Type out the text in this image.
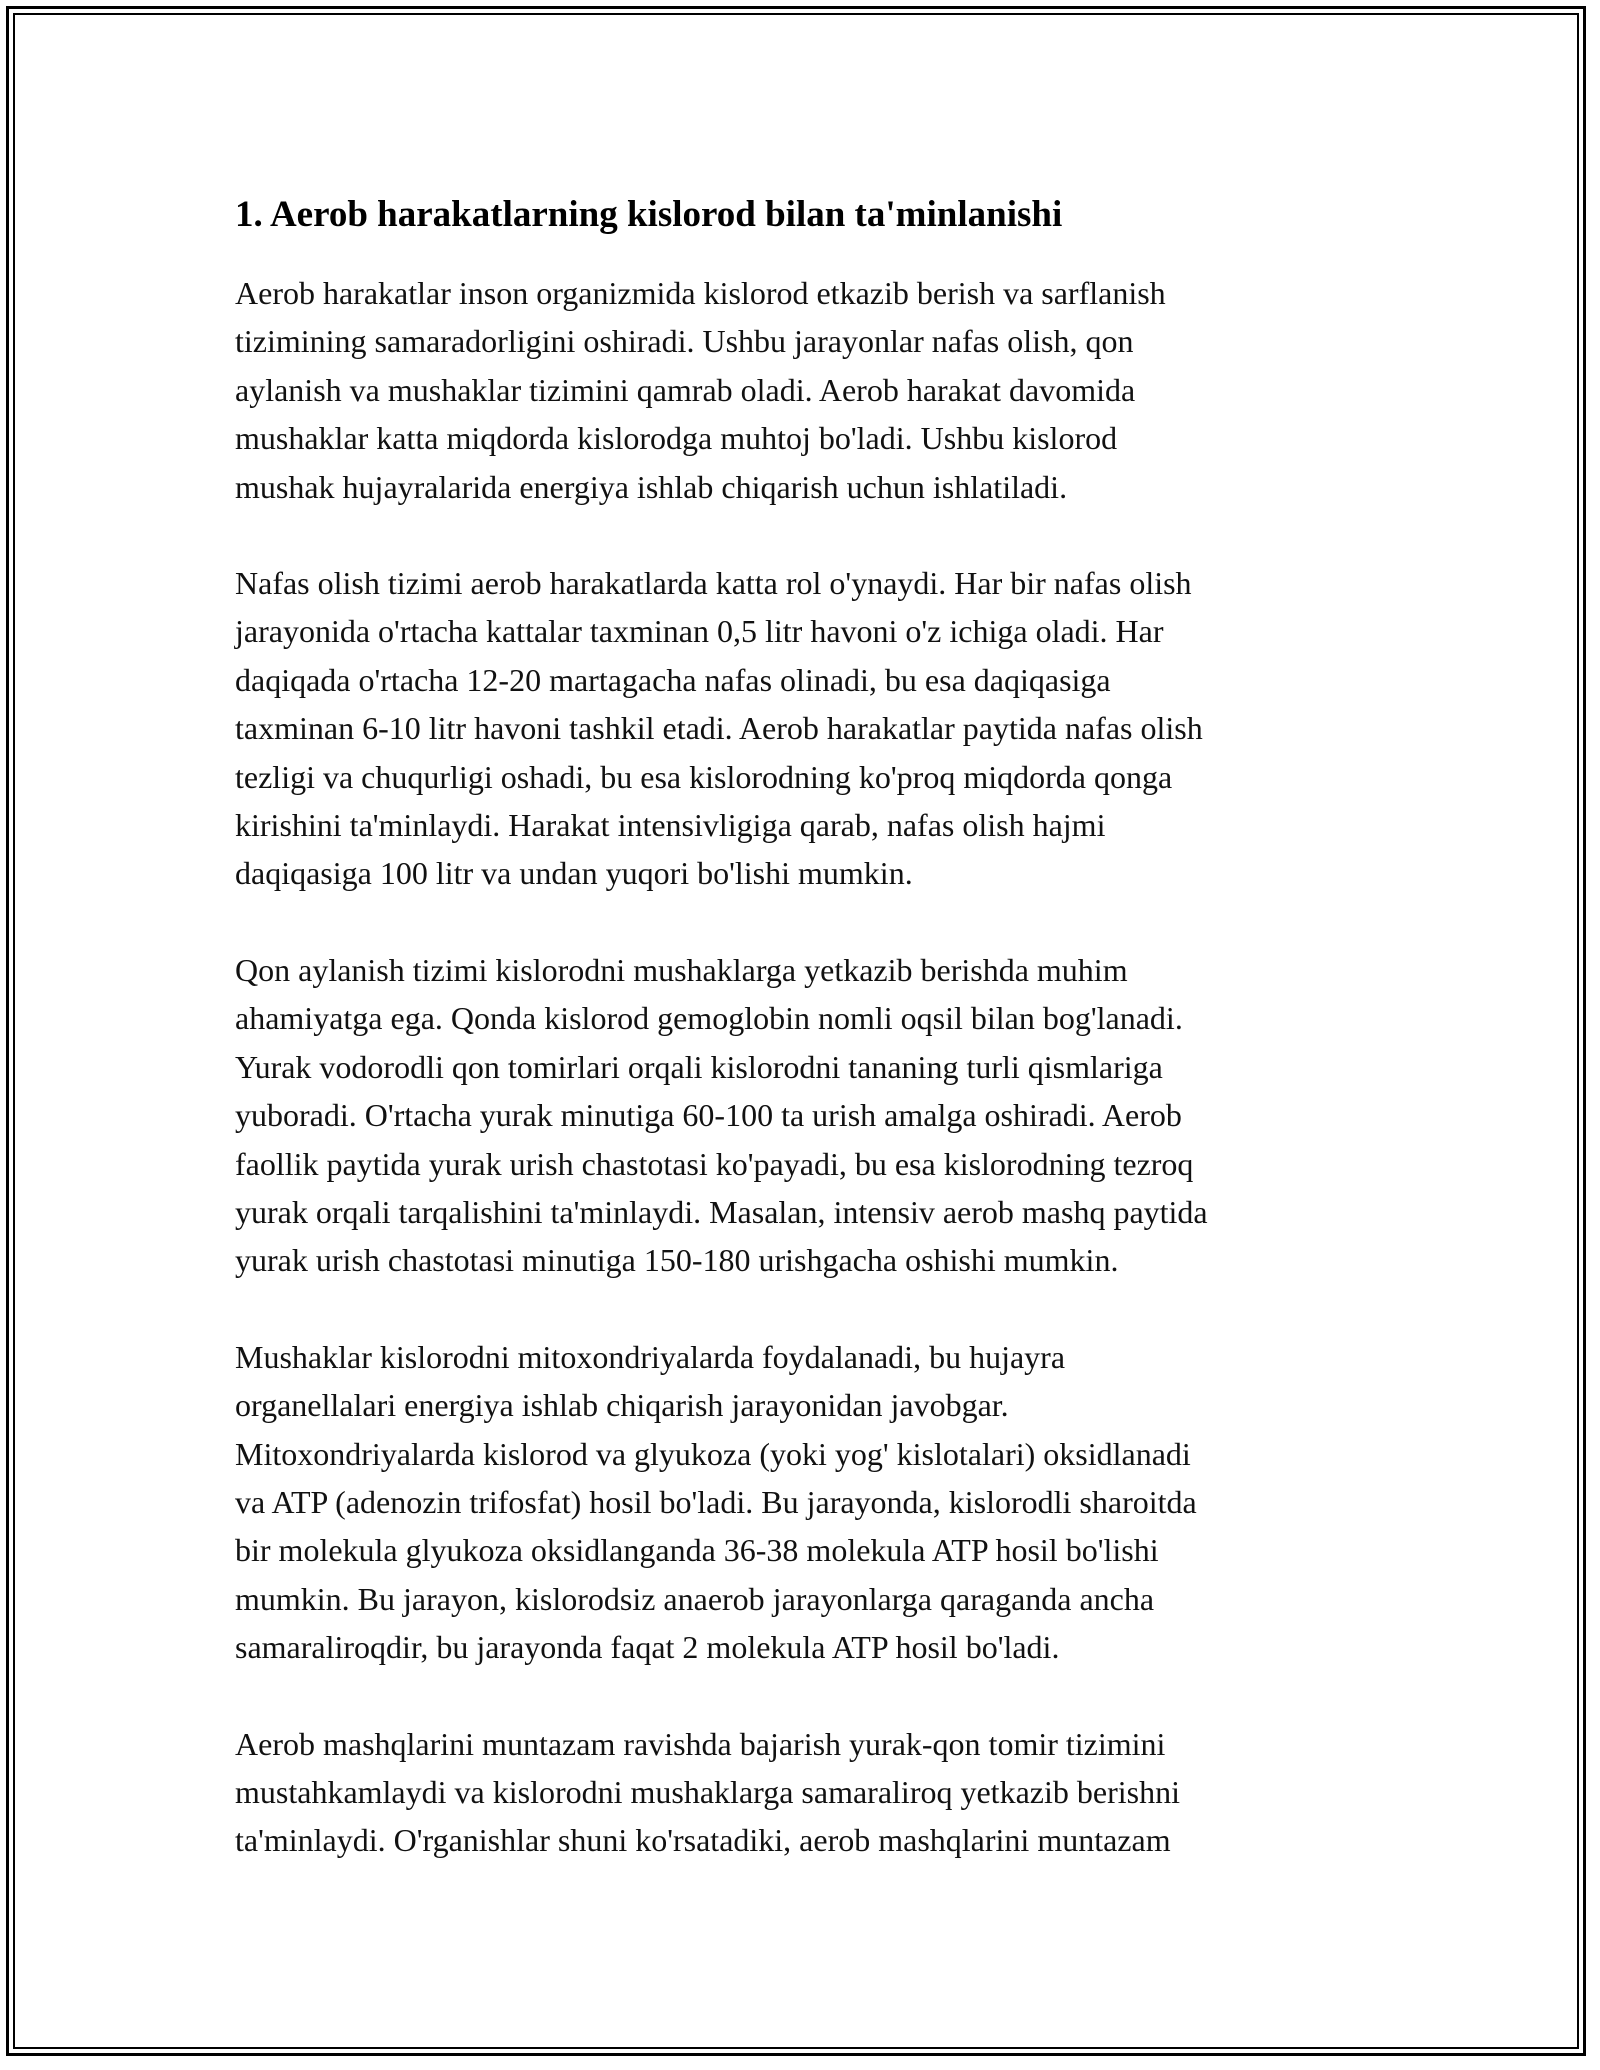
1. Aerob harakatlarning kislorod bilan ta'minlanishi

Aerob harakatlar inson organizmida kislorod etkazib berish va sarflanish
tizimining samaradorligini oshiradi. Ushbu jarayonlar nafas olish, qon
aylanish va mushaklar tizimini qamrab oladi. Aerob harakat davomida
mushaklar katta miqdorda kislorodga muhtoj bo'ladi. Ushbu kislorod
mushak hujayralarida energiya ishlab chiqarish uchun ishlatiladi.

Nafas olish tizimi aerob harakatlarda katta rol o'ynaydi. Har bir nafas olish
jarayonida o'rtacha kattalar taxminan 0,5 litr havoni o'z ichiga oladi. Har
daqiqada o'rtacha 12-20 martagacha nafas olinadi, bu esa daqiqasiga
taxminan 6-10 litr havoni tashkil etadi. Aerob harakatlar paytida nafas olish
tezligi va chuqurligi oshadi, bu esa kislorodning ko'proq miqdorda qonga
kirishini ta'minlaydi. Harakat intensivligiga qarab, nafas olish hajmi
daqiqasiga 100 litr va undan yuqori bo'lishi mumkin.

Qon aylanish tizimi kislorodni mushaklarga yetkazib berishda muhim
ahamiyatga ega. Qonda kislorod gemoglobin nomli oqsil bilan bog'lanadi.
Yurak vodorodli qon tomirlari orqali kislorodni tananing turli qismlariga
yuboradi. O'rtacha yurak minutiga 60-100 ta urish amalga oshiradi. Aerob
faollik paytida yurak urish chastotasi ko'payadi, bu esa kislorodning tezroq
yurak orqali tarqalishini ta'minlaydi. Masalan, intensiv aerob mashq paytida
yurak urish chastotasi minutiga 150-180 urishgacha oshishi mumkin.

Mushaklar kislorodni mitoxondriyalarda foydalanadi, bu hujayra
organellalari energiya ishlab chiqarish jarayonidan javobgar.
Mitoxondriyalarda kislorod va glyukoza (yoki yog' kislotalari) oksidlanadi
va ATP (adenozin trifosfat) hosil bo'ladi. Bu jarayonda, kislorodli sharoitda
bir molekula glyukoza oksidlanganda 36-38 molekula ATP hosil bo'lishi
mumkin. Bu jarayon, kislorodsiz anaerob jarayonlarga qaraganda ancha
samaraliroqdir, bu jarayonda faqat 2 molekula ATP hosil bo'ladi.

Aerob mashqlarini muntazam ravishda bajarish yurak-qon tomir tizimini
mustahkamlaydi va kislorodni mushaklarga samaraliroq yetkazib berishni
ta'minlaydi. O'rganishlar shuni ko'rsatadiki, aerob mashqlarini muntazam
